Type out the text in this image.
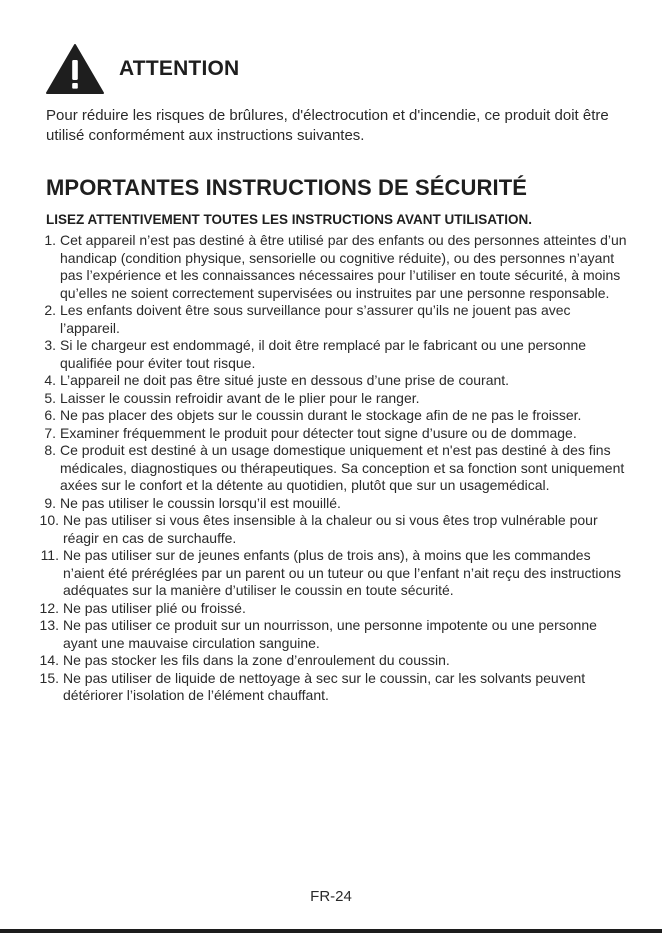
ATTENTION

Pour réduire les risques de brûlures, d'électrocution et d'incendie, ce produit doit être utilisé conformément aux instructions suivantes.

MPORTANTES INSTRUCTIONS DE SÉCURITÉ
LISEZ ATTENTIVEMENT TOUTES LES INSTRUCTIONS AVANT UTILISATION.
1. Cet appareil n’est pas destiné à être utilisé par des enfants ou des personnes atteintes d’un handicap (condition physique, sensorielle ou cognitive réduite), ou des personnes n’ayant pas l’expérience et les connaissances nécessaires pour l’utiliser en toute sécurité, à moins qu’elles ne soient correctement supervisées ou instruites par une personne responsable.
2. Les enfants doivent être sous surveillance pour s’assurer qu’ils ne jouent pas avec l’appareil.
3. Si le chargeur est endommagé, il doit être remplacé par le fabricant ou une personne qualifiée pour éviter tout risque.
4. L’appareil ne doit pas être situé juste en dessous d’une prise de courant.
5. Laisser le coussin refroidir avant de le plier pour le ranger.
6. Ne pas placer des objets sur le coussin durant le stockage afin de ne pas le froisser.
7. Examiner fréquemment le produit pour détecter tout signe d’usure ou de dommage.
8. Ce produit est destiné à un usage domestique uniquement et n'est pas destiné à des fins médicales, diagnostiques ou thérapeutiques. Sa conception et sa fonction sont uniquement axées sur le confort et la détente au quotidien, plutôt que sur un usagemédical.
9. Ne pas utiliser le coussin lorsqu’il est mouillé.
10. Ne pas utiliser si vous êtes insensible à la chaleur ou si vous êtes trop vulnérable pour réagir en cas de surchauffe.
11. Ne pas utiliser sur de jeunes enfants (plus de trois ans), à moins que les commandes n’aient été préréglées par un parent ou un tuteur ou que l’enfant n’ait reçu des instructions adéquates sur la manière d’utiliser le coussin en toute sécurité.
12. Ne pas utiliser plié ou froissé.
13. Ne pas utiliser ce produit sur un nourrisson, une personne impotente ou une personne ayant une mauvaise circulation sanguine.
14. Ne pas stocker les fils dans la zone d’enroulement du coussin.
15. Ne pas utiliser de liquide de nettoyage à sec sur le coussin, car les solvants peuvent détériorer l’isolation de l’élément chauffant.
FR-24
